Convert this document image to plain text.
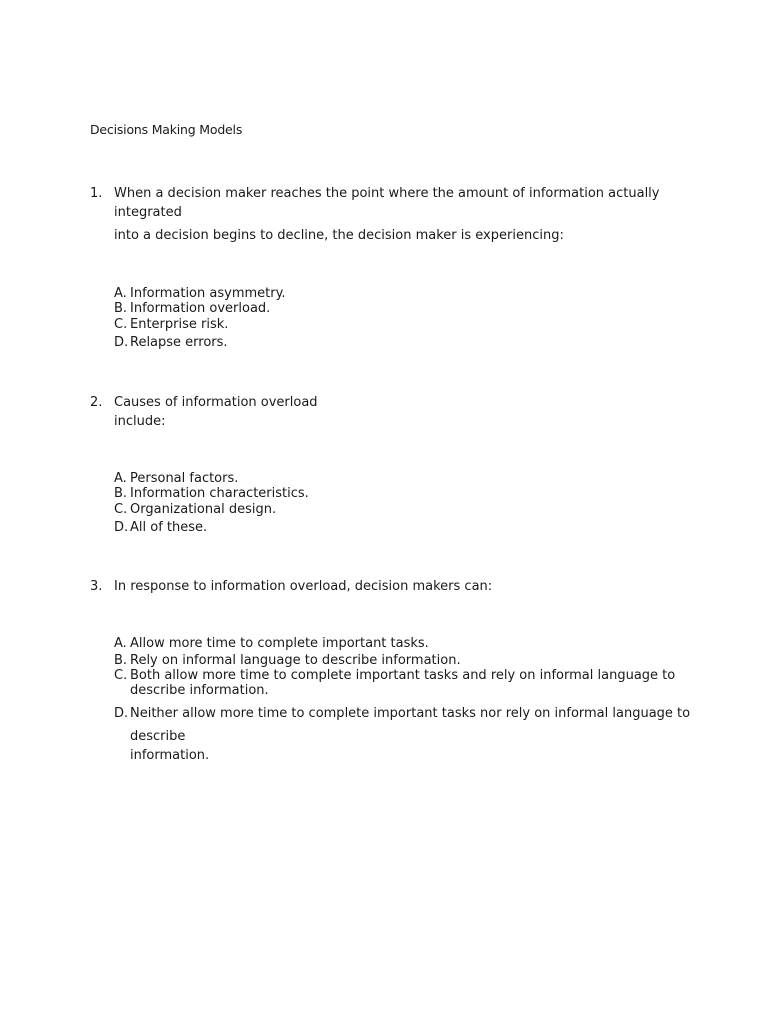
Decisions Making Models
1. When a decision maker reaches the point where the amount of information actually
integrated
into a decision begins to decline, the decision maker is experiencing:
A. Information asymmetry.
B. Information overload.
C. Enterprise risk.
D. Relapse errors.
2. Causes of information overload
include:
A. Personal factors.
B. Information characteristics.
C. Organizational design.
D. All of these.
3. In response to information overload, decision makers can:
A. Allow more time to complete important tasks.
B. Rely on informal language to describe information.
C. Both allow more time to complete important tasks and rely on informal language to
describe information.
D. Neither allow more time to complete important tasks nor rely on informal language to
describe
information.
